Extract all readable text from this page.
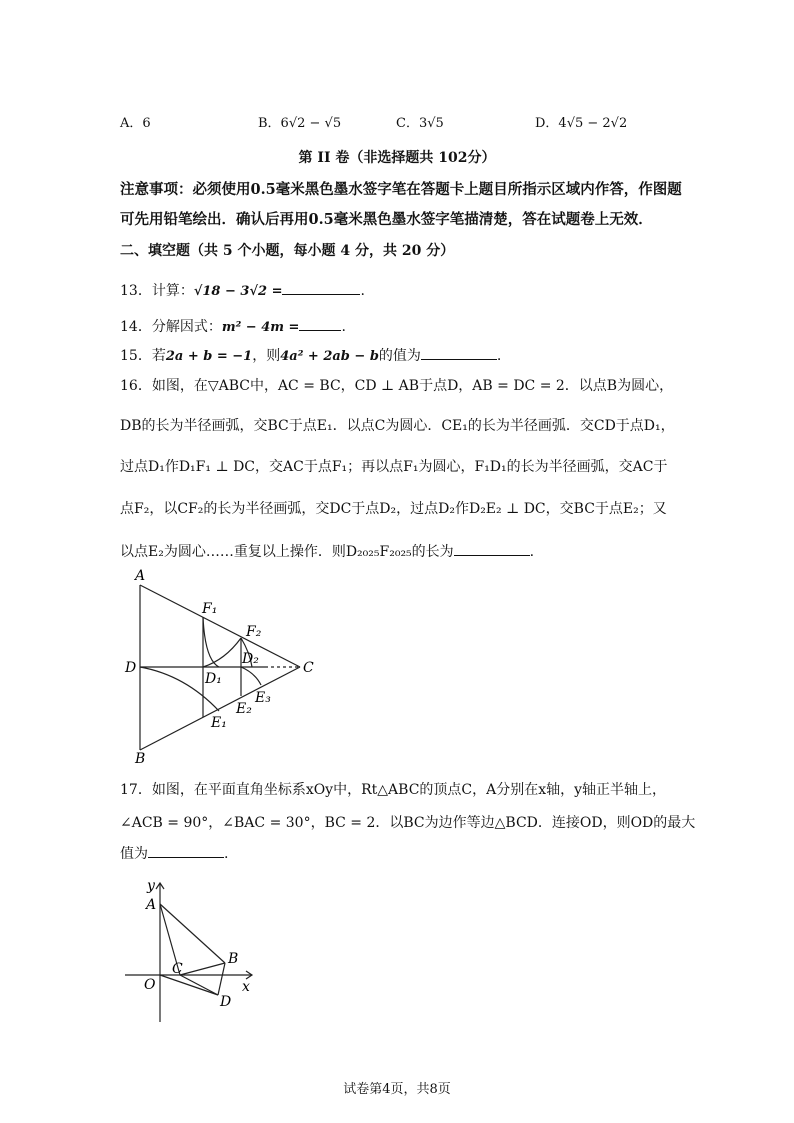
A．6	B．6√2 − √5	C．3√5	D．4√5 − 2√2
第 II 卷（非选择题共 102分）
注意事项：必须使用0.5毫米黑色墨水签字笔在答题卡上题目所指示区域内作答，作图题
可先用铅笔绘出．确认后再用0.5毫米黑色墨水签字笔描清楚，答在试题卷上无效．
二、填空题（共 5 个小题，每小题 4 分，共 20 分）
13．计算：√18 − 3√2 =	.
14．分解因式：m² − 4m =	.
15．若2a + b = −1，则4a² + 2ab − b的值为	.
16．如图，在▽ABC中，AC = BC，CD ⊥ AB于点D，AB = DC = 2．以点B为圆心，
DB的长为半径画弧，交BC于点E₁．以点C为圆心．CE₁的长为半径画弧．交CD于点D₁，
过点D₁作D₁F₁ ⊥ DC，交AC于点F₁；再以点F₁为圆心，F₁D₁的长为半径画弧，交AC于
点F₂，以CF₂的长为半径画弧，交DC于点D₂，过点D₂作D₂E₂ ⊥ DC，交BC于点E₂；又
以点E₂为圆心……重复以上操作．则D₂₀₂₅F₂₀₂₅的长为	.
A
B
C
D
F₁
F₂
D₁
D₂
E₁
E₂
E₃
17．如图，在平面直角坐标系xOy中，Rt△ABC的顶点C，A分别在x轴，y轴正半轴上，
∠ACB = 90°，∠BAC = 30°，BC = 2．以BC为边作等边△BCD．连接OD，则OD的最大
值为	.
y
x
O
A
B
C
D
试卷第4页，共8页
